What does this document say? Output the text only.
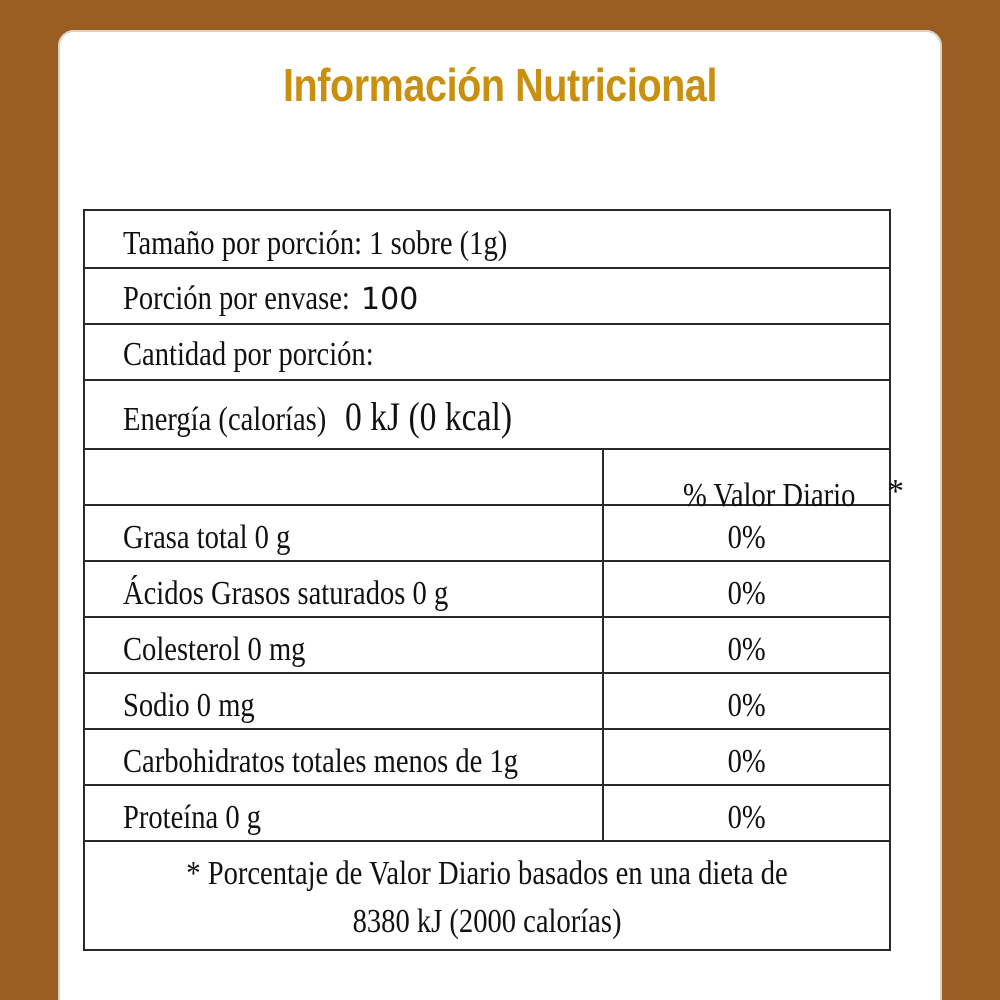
Información Nutricional
Tamaño por porción: 1 sobre (1g)
Porción por envase: 100
Cantidad por porción:
Energía (calorías) 0 kJ (0 kcal)
% Valor Diario *
Grasa total 0 g	0%
Ácidos Grasos saturados 0 g	0%
Colesterol 0 mg	0%
Sodio 0 mg	0%
Carbohidratos totales menos de 1g	0%
Proteína 0 g	0%
* Porcentaje de Valor Diario basados en una dieta de
8380 kJ (2000 calorías)
